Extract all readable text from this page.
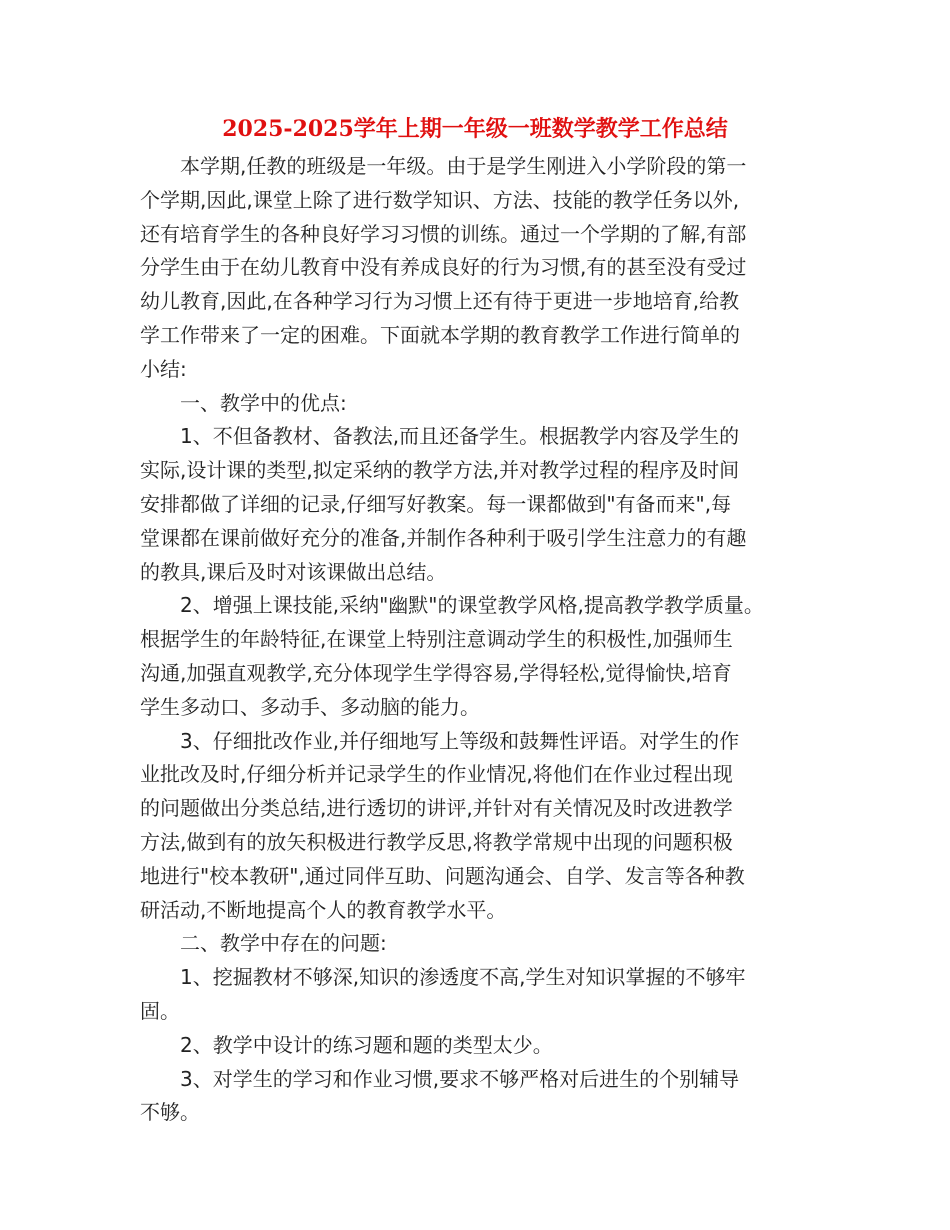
2025-2025学年上期一年级一班数学教学工作总结

本学期,任教的班级是一年级。由于是学生刚进入小学阶段的第一
个学期,因此,课堂上除了进行数学知识、方法、技能的教学任务以外,
还有培育学生的各种良好学习习惯的训练。通过一个学期的了解,有部
分学生由于在幼儿教育中没有养成良好的行为习惯,有的甚至没有受过
幼儿教育,因此,在各种学习行为习惯上还有待于更进一步地培育,给教
学工作带来了一定的困难。下面就本学期的教育教学工作进行简单的
小结:

一、教学中的优点:

1、不但备教材、备教法,而且还备学生。根据教学内容及学生的
实际,设计课的类型,拟定采纳的教学方法,并对教学过程的程序及时间
安排都做了详细的记录,仔细写好教案。每一课都做到"有备而来",每
堂课都在课前做好充分的准备,并制作各种利于吸引学生注意力的有趣
的教具,课后及时对该课做出总结。

2、增强上课技能,采纳"幽默"的课堂教学风格,提高教学教学质量。
根据学生的年龄特征,在课堂上特别注意调动学生的积极性,加强师生
沟通,加强直观教学,充分体现学生学得容易,学得轻松,觉得愉快,培育
学生多动口、多动手、多动脑的能力。

3、仔细批改作业,并仔细地写上等级和鼓舞性评语。对学生的作
业批改及时,仔细分析并记录学生的作业情况,将他们在作业过程出现
的问题做出分类总结,进行透切的讲评,并针对有关情况及时改进教学
方法,做到有的放矢积极进行教学反思,将教学常规中出现的问题积极
地进行"校本教研",通过同伴互助、问题沟通会、自学、发言等各种教
研活动,不断地提高个人的教育教学水平。

二、教学中存在的问题:

1、挖掘教材不够深,知识的渗透度不高,学生对知识掌握的不够牢
固。

2、教学中设计的练习题和题的类型太少。

3、对学生的学习和作业习惯,要求不够严格对后进生的个别辅导
不够。
